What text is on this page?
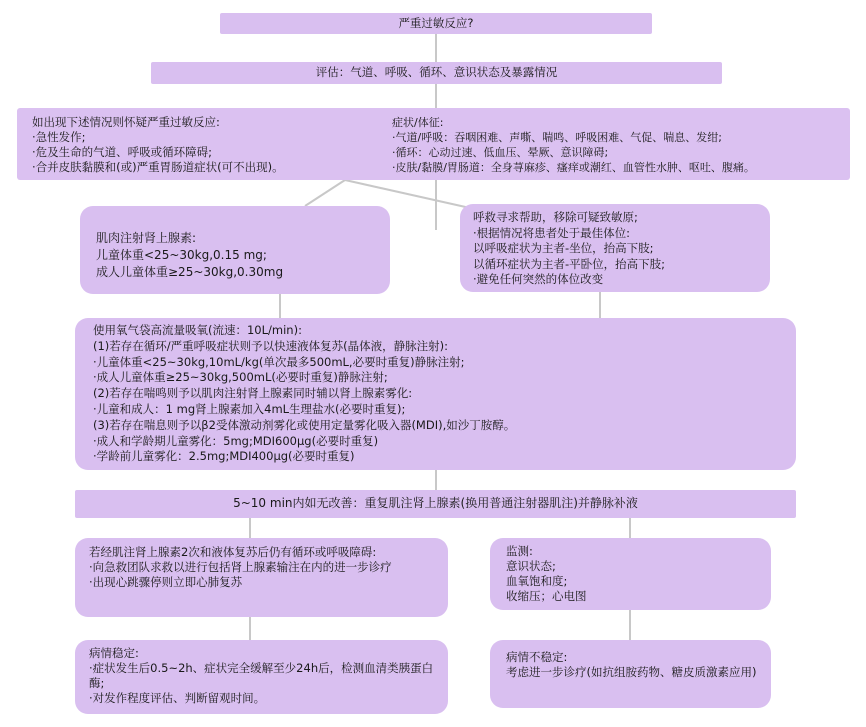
严重过敏反应?
评估：气道、呼吸、循环、意识状态及暴露情况
如出现下述情况则怀疑严重过敏反应:
·急性发作;
·危及生命的气道、呼吸或循环障碍;
·合并皮肤黏膜和(或)严重胃肠道症状(可不出现)。
症状/体征:
·气道/呼吸：吞咽困难、声嘶、喘鸣、呼吸困难、气促、喘息、发绀;
·循环：心动过速、低血压、晕厥、意识障碍;
·皮肤/黏膜/胃肠道：全身荨麻疹、瘙痒或潮红、血管性水肿、呕吐、腹痛。
肌肉注射肾上腺素:
儿童体重<25~30kg,0.15 mg;
成人儿童体重≥25~30kg,0.30mg
呼救寻求帮助，移除可疑致敏原;
·根据情况将患者处于最佳体位:
以呼吸症状为主者-坐位，抬高下肢;
以循环症状为主者-平卧位，抬高下肢;
·避免任何突然的体位改变
使用氧气袋高流量吸氧(流速：10L/min):
(1)若存在循环/严重呼吸症状则予以快速液体复苏(晶体液，静脉注射):
·儿童体重<25~30kg,10mL/kg(单次最多500mL,必要时重复)静脉注射;
·成人儿童体重≥25~30kg,500mL(必要时重复)静脉注射;
(2)若存在喘鸣则予以肌肉注射肾上腺素同时辅以肾上腺素雾化:
·儿童和成人：1 mg肾上腺素加入4mL生理盐水(必要时重复);
(3)若存在喘息则予以β2受体激动剂雾化或使用定量雾化吸入器(MDI),如沙丁胺醇。
·成人和学龄期儿童雾化：5mg;MDI600μg(必要时重复)
·学龄前儿童雾化：2.5mg;MDI400μg(必要时重复)
5~10 min内如无改善：重复肌注肾上腺素(换用普通注射器肌注)并静脉补液
若经肌注肾上腺素2次和液体复苏后仍有循环或呼吸障碍:
·向急救团队求救以进行包括肾上腺素输注在内的进一步诊疗
·出现心跳骤停则立即心肺复苏
监测:
意识状态;
血氧饱和度;
收缩压；心电图
病情稳定:
·症状发生后0.5~2h、症状完全缓解至少24h后，检测血清类胰蛋白酶;
·对发作程度评估、判断留观时间。
病情不稳定:
考虑进一步诊疗(如抗组胺药物、糖皮质激素应用)
